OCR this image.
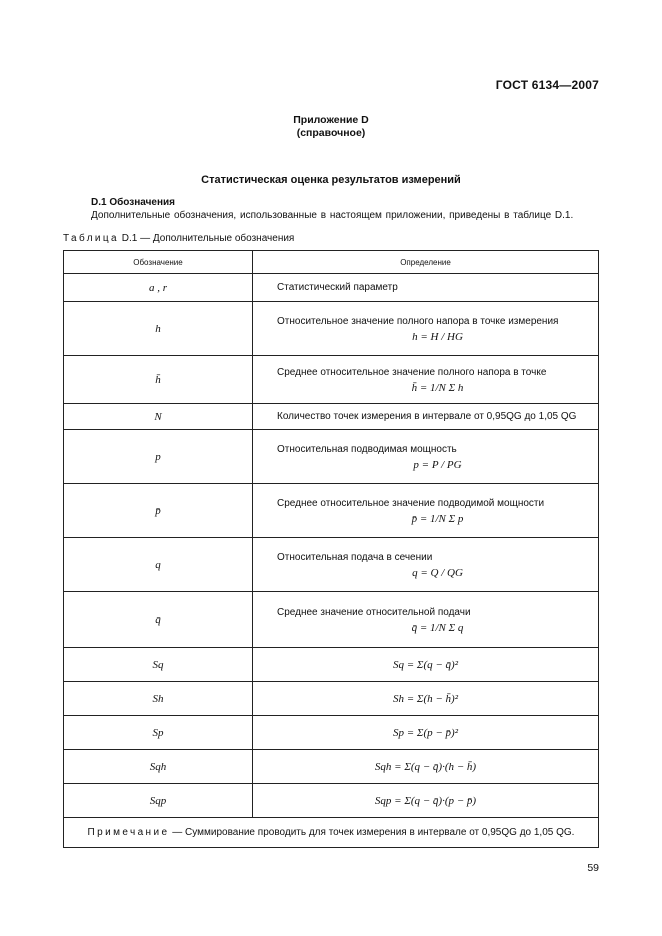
ГОСТ 6134—2007
Приложение D
(справочное)
Статистическая оценка результатов измерений
D.1 Обозначения
Дополнительные обозначения, использованные в настоящем приложении, приведены в таблице D.1.
Таблица D.1 — Дополнительные обозначения
Обозначение	Определение
a , r	Статистический параметр
h	Относительное значение полного напора в точке измерения
h = H / HG

h̄	Среднее относительное значение полного напора в точке
h̄ = 1/N Σ h

N	Количество точек измерения в интервале от 0,95QG до 1,05 QG
p	Относительная подводимая мощность
p = P / PG

p̄	Среднее относительное значение подводимой мощности
p̄ = 1/N Σ p

q	Относительная подача в сечении
q = Q / QG

q̄	Среднее значение относительной подачи
q̄ = 1/N Σ q

Sq	Sq = Σ(q − q̄)²
Sh	Sh = Σ(h − h̄)²
Sp	Sp = Σ(p − p̄)²
Sqh	Sqh = Σ(q − q̄)·(h − h̄)
Sqp	Sqp = Σ(q − q̄)·(p − p̄)
Примечание — Суммирование проводить для точек измерения в интервале от 0,95QG до 1,05 QG.	
59
